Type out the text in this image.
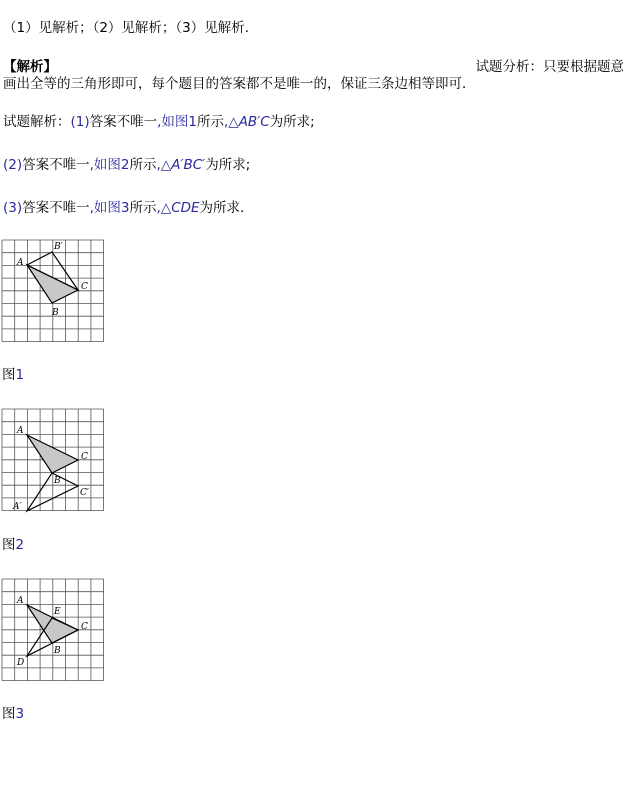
（1）见解析；（2）见解析；（3）见解析.
【解析】	试题分析：只要根据题意
画出全等的三角形即可，每个题目的答案都不是唯一的，保证三条边相等即可．
试题解析：(1)答案不唯一,如图1所示,△AB′C为所求;
(2)答案不唯一,如图2所示,△A′BC′为所求;
(3)答案不唯一,如图3所示,△CDE为所求.
A
B′
C
B
图1
A
C
B
C′
A′
图2
A
E
C
B
D
图3
